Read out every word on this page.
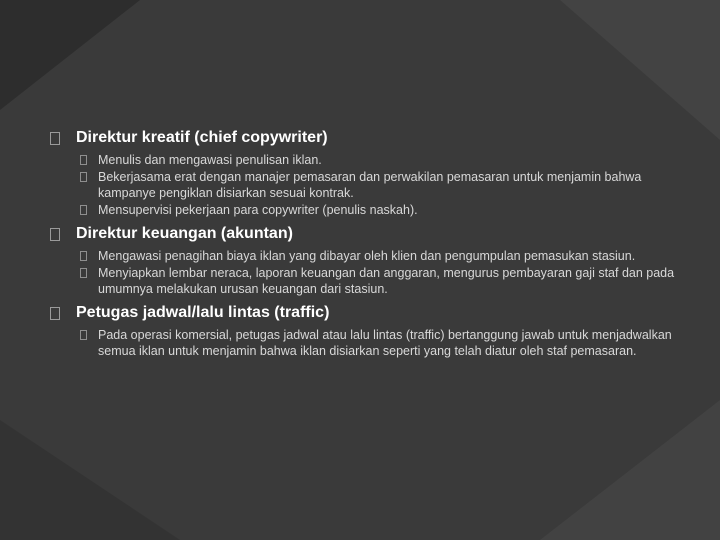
Direktur kreatif (chief copywriter)
Menulis dan mengawasi penulisan iklan.
Bekerjasama erat dengan manajer pemasaran dan perwakilan pemasaran untuk menjamin bahwa kampanye pengiklan disiarkan sesuai kontrak.
Mensupervisi pekerjaan para copywriter (penulis naskah).
Direktur keuangan (akuntan)
Mengawasi penagihan biaya iklan yang dibayar oleh klien dan pengumpulan pemasukan stasiun.
Menyiapkan lembar neraca, laporan keuangan dan anggaran, mengurus pembayaran gaji staf dan pada umumnya melakukan urusan keuangan dari stasiun.
Petugas jadwal/lalu lintas (traffic)
Pada operasi komersial, petugas jadwal atau lalu lintas (traffic) bertanggung jawab untuk menjadwalkan semua iklan untuk menjamin bahwa iklan disiarkan seperti yang telah diatur oleh staf pemasaran.
